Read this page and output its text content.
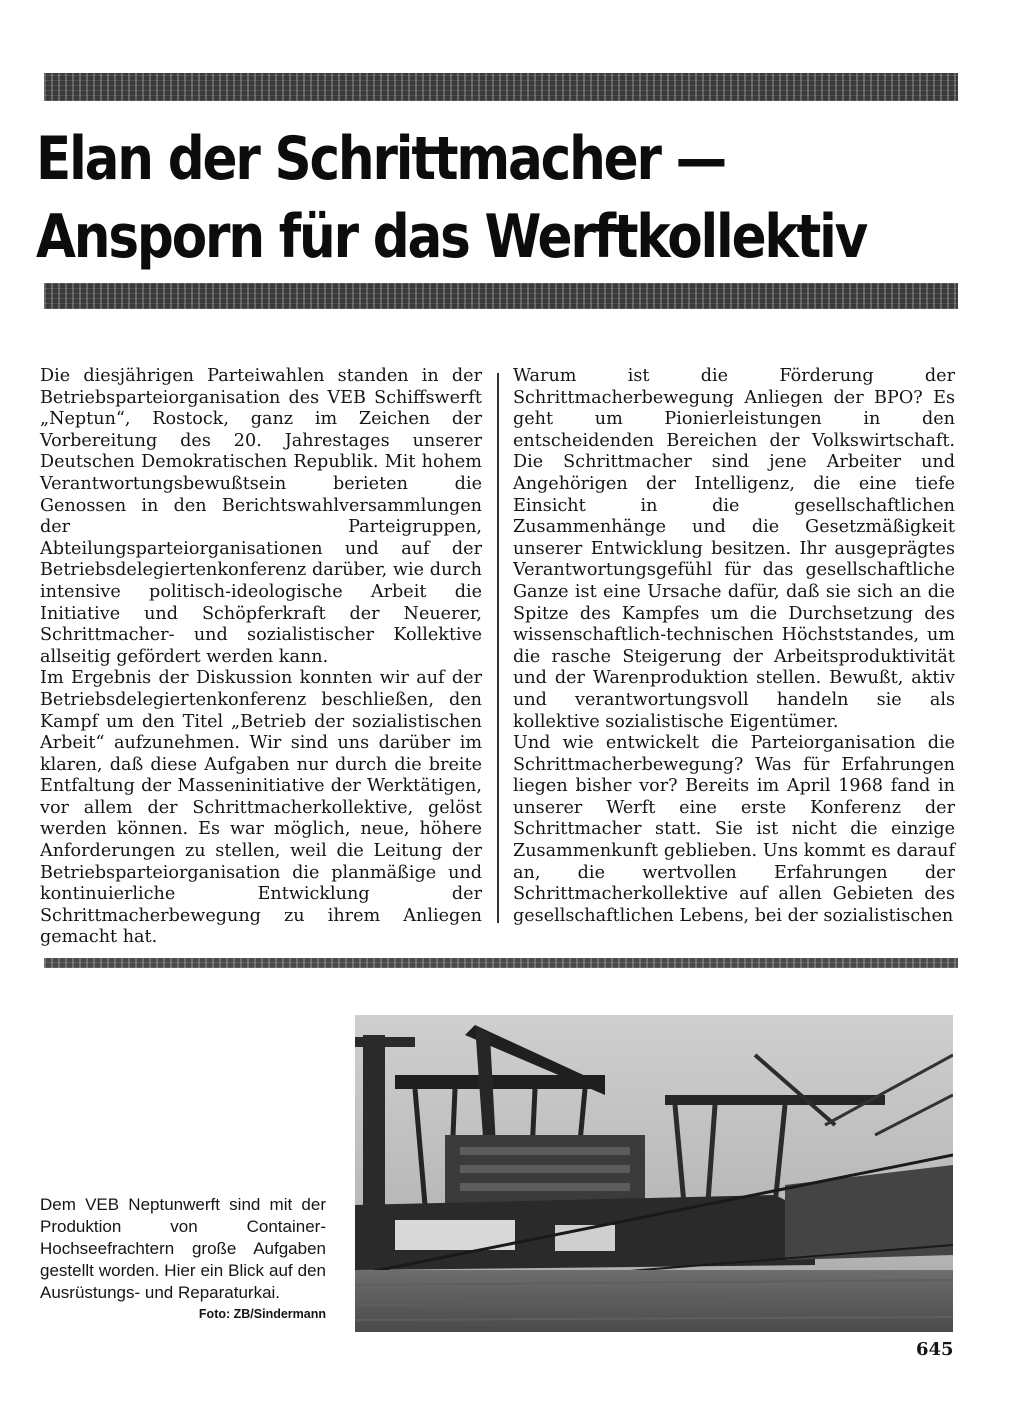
Elan der Schrittmacher —
Ansporn für das Werftkollektiv

Die diesjährigen Parteiwahlen standen in der Betriebsparteiorganisation des VEB Schiffswerft „Neptun“, Rostock, ganz im Zeichen der Vorbereitung des 20. Jahrestages unserer Deutschen Demokratischen Republik. Mit hohem Verantwortungsbewußtsein berieten die Genossen in den Berichtswahlversammlungen der Parteigruppen, Abteilungsparteiorganisationen und auf der Betriebsdelegiertenkonferenz darüber, wie durch intensive politisch-ideologische Arbeit die Initiative und Schöpferkraft der Neuerer, Schrittmacher- und sozialistischer Kollektive allseitig gefördert werden kann.

Im Ergebnis der Diskussion konnten wir auf der Betriebsdelegiertenkonferenz beschließen, den Kampf um den Titel „Betrieb der sozialistischen Arbeit“ aufzunehmen. Wir sind uns darüber im klaren, daß diese Aufgaben nur durch die breite Entfaltung der Masseninitiative der Werktätigen, vor allem der Schrittmacherkollektive, gelöst werden können. Es war möglich, neue, höhere Anforderungen zu stellen, weil die Leitung der Betriebsparteiorganisation die planmäßige und kontinuierliche Entwicklung der Schrittmacherbewegung zu ihrem Anliegen gemacht hat.

Warum ist die Förderung der Schrittmacherbewegung Anliegen der BPO? Es geht um Pionierleistungen in den entscheidenden Bereichen der Volkswirtschaft. Die Schrittmacher sind jene Arbeiter und Angehörigen der Intelligenz, die eine tiefe Einsicht in die gesellschaftlichen Zusammenhänge und die Gesetzmäßigkeit unserer Entwicklung besitzen. Ihr ausgeprägtes Verantwortungsgefühl für das gesellschaftliche Ganze ist eine Ursache dafür, daß sie sich an die Spitze des Kampfes um die Durchsetzung des wissenschaftlich-technischen Höchststandes, um die rasche Steigerung der Arbeitsproduktivität und der Warenproduktion stellen. Bewußt, aktiv und verantwortungsvoll handeln sie als kollektive sozialistische Eigentümer.

Und wie entwickelt die Parteiorganisation die Schrittmacherbewegung? Was für Erfahrungen liegen bisher vor? Bereits im April 1968 fand in unserer Werft eine erste Konferenz der Schrittmacher statt. Sie ist nicht die einzige Zusammenkunft geblieben. Uns kommt es darauf an, die wertvollen Erfahrungen der Schrittmacherkollektive auf allen Gebieten des gesellschaftlichen Lebens, bei der sozialistischen

Dem VEB Neptunwerft sind mit der Produktion von Container-Hochseefrachtern große Aufgaben gestellt worden. Hier ein Blick auf den Ausrüstungs- und Reparaturkai.
Foto: ZB/Sindermann
645
